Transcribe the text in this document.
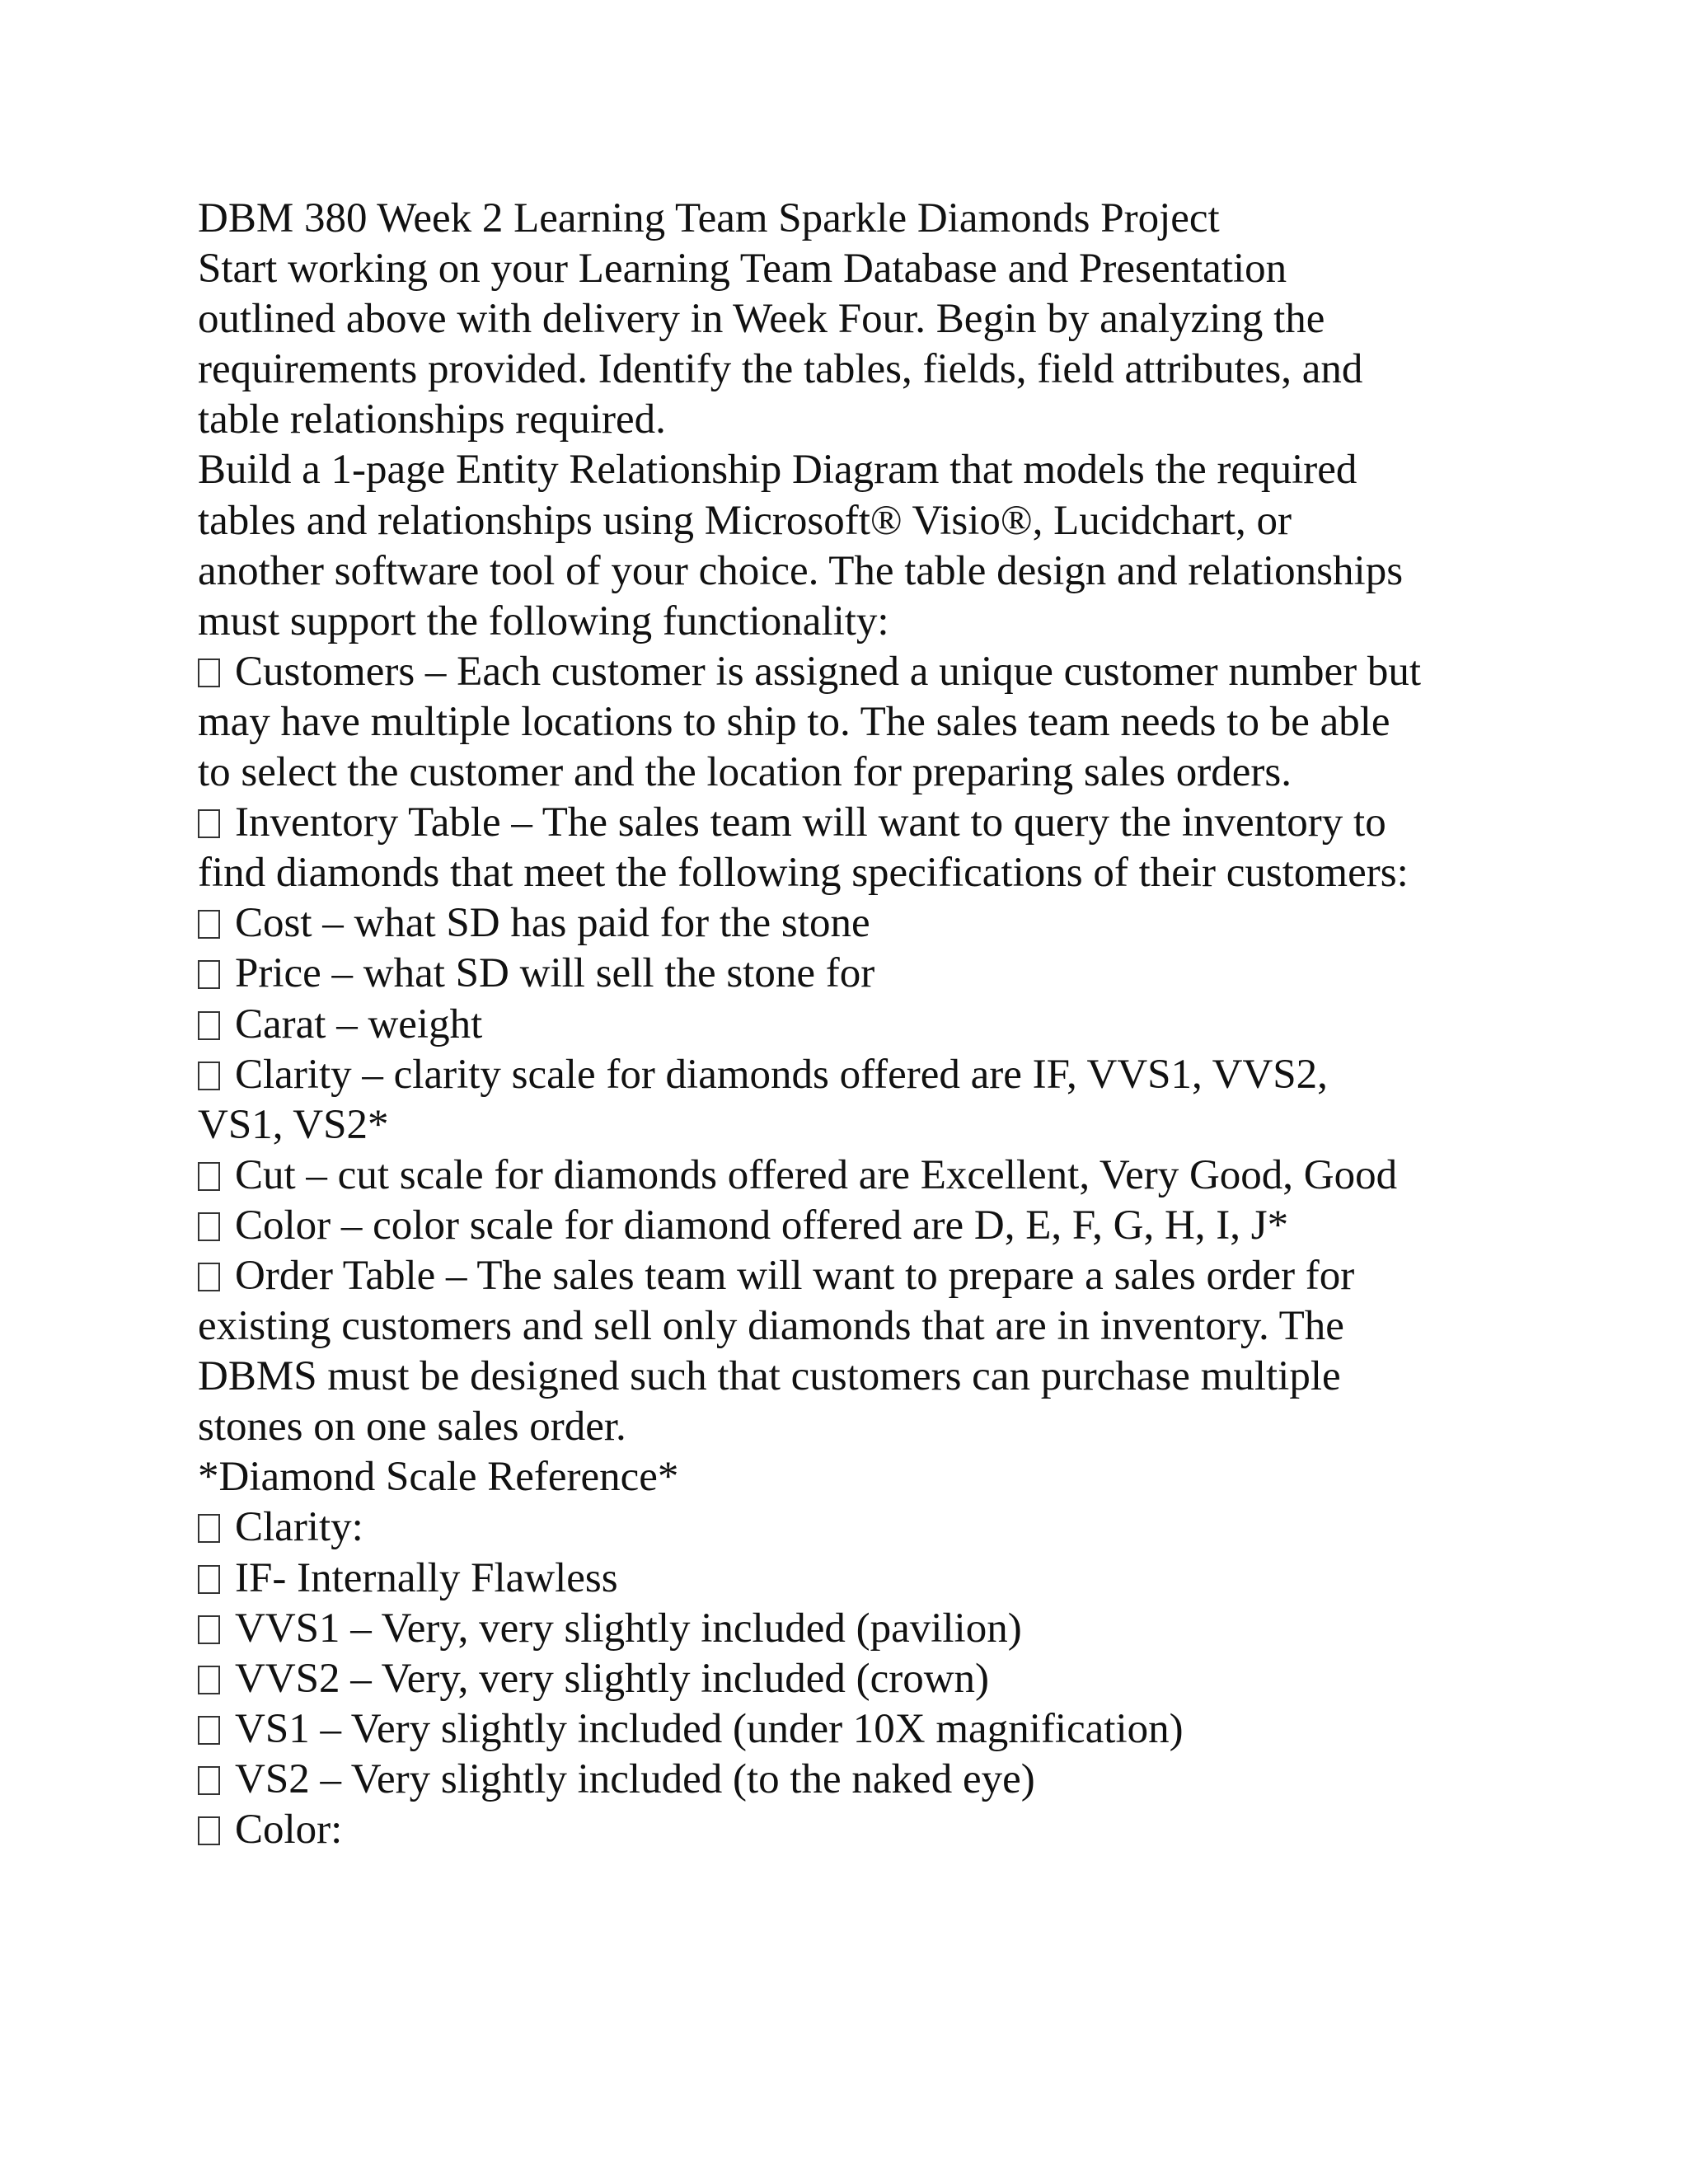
DBM 380 Week 2 Learning Team Sparkle Diamonds Project
Start working on your Learning Team Database and Presentation
outlined above with delivery in Week Four. Begin by analyzing the
requirements provided. Identify the tables, fields, field attributes, and
table relationships required.
Build a 1-page Entity Relationship Diagram that models the required
tables and relationships using Microsoft® Visio®, Lucidchart, or
another software tool of your choice. The table design and relationships
must support the following functionality:
Customers – Each customer is assigned a unique customer number but
may have multiple locations to ship to. The sales team needs to be able
to select the customer and the location for preparing sales orders.
Inventory Table – The sales team will want to query the inventory to
find diamonds that meet the following specifications of their customers:
Cost – what SD has paid for the stone
Price – what SD will sell the stone for
Carat – weight
Clarity – clarity scale for diamonds offered are IF, VVS1, VVS2,
VS1, VS2*
Cut – cut scale for diamonds offered are Excellent, Very Good, Good
Color – color scale for diamond offered are D, E, F, G, H, I, J*
Order Table – The sales team will want to prepare a sales order for
existing customers and sell only diamonds that are in inventory. The
DBMS must be designed such that customers can purchase multiple
stones on one sales order.
*Diamond Scale Reference*
Clarity:
IF- Internally Flawless
VVS1 – Very, very slightly included (pavilion)
VVS2 – Very, very slightly included (crown)
VS1 – Very slightly included (under 10X magnification)
VS2 – Very slightly included (to the naked eye)
Color:
